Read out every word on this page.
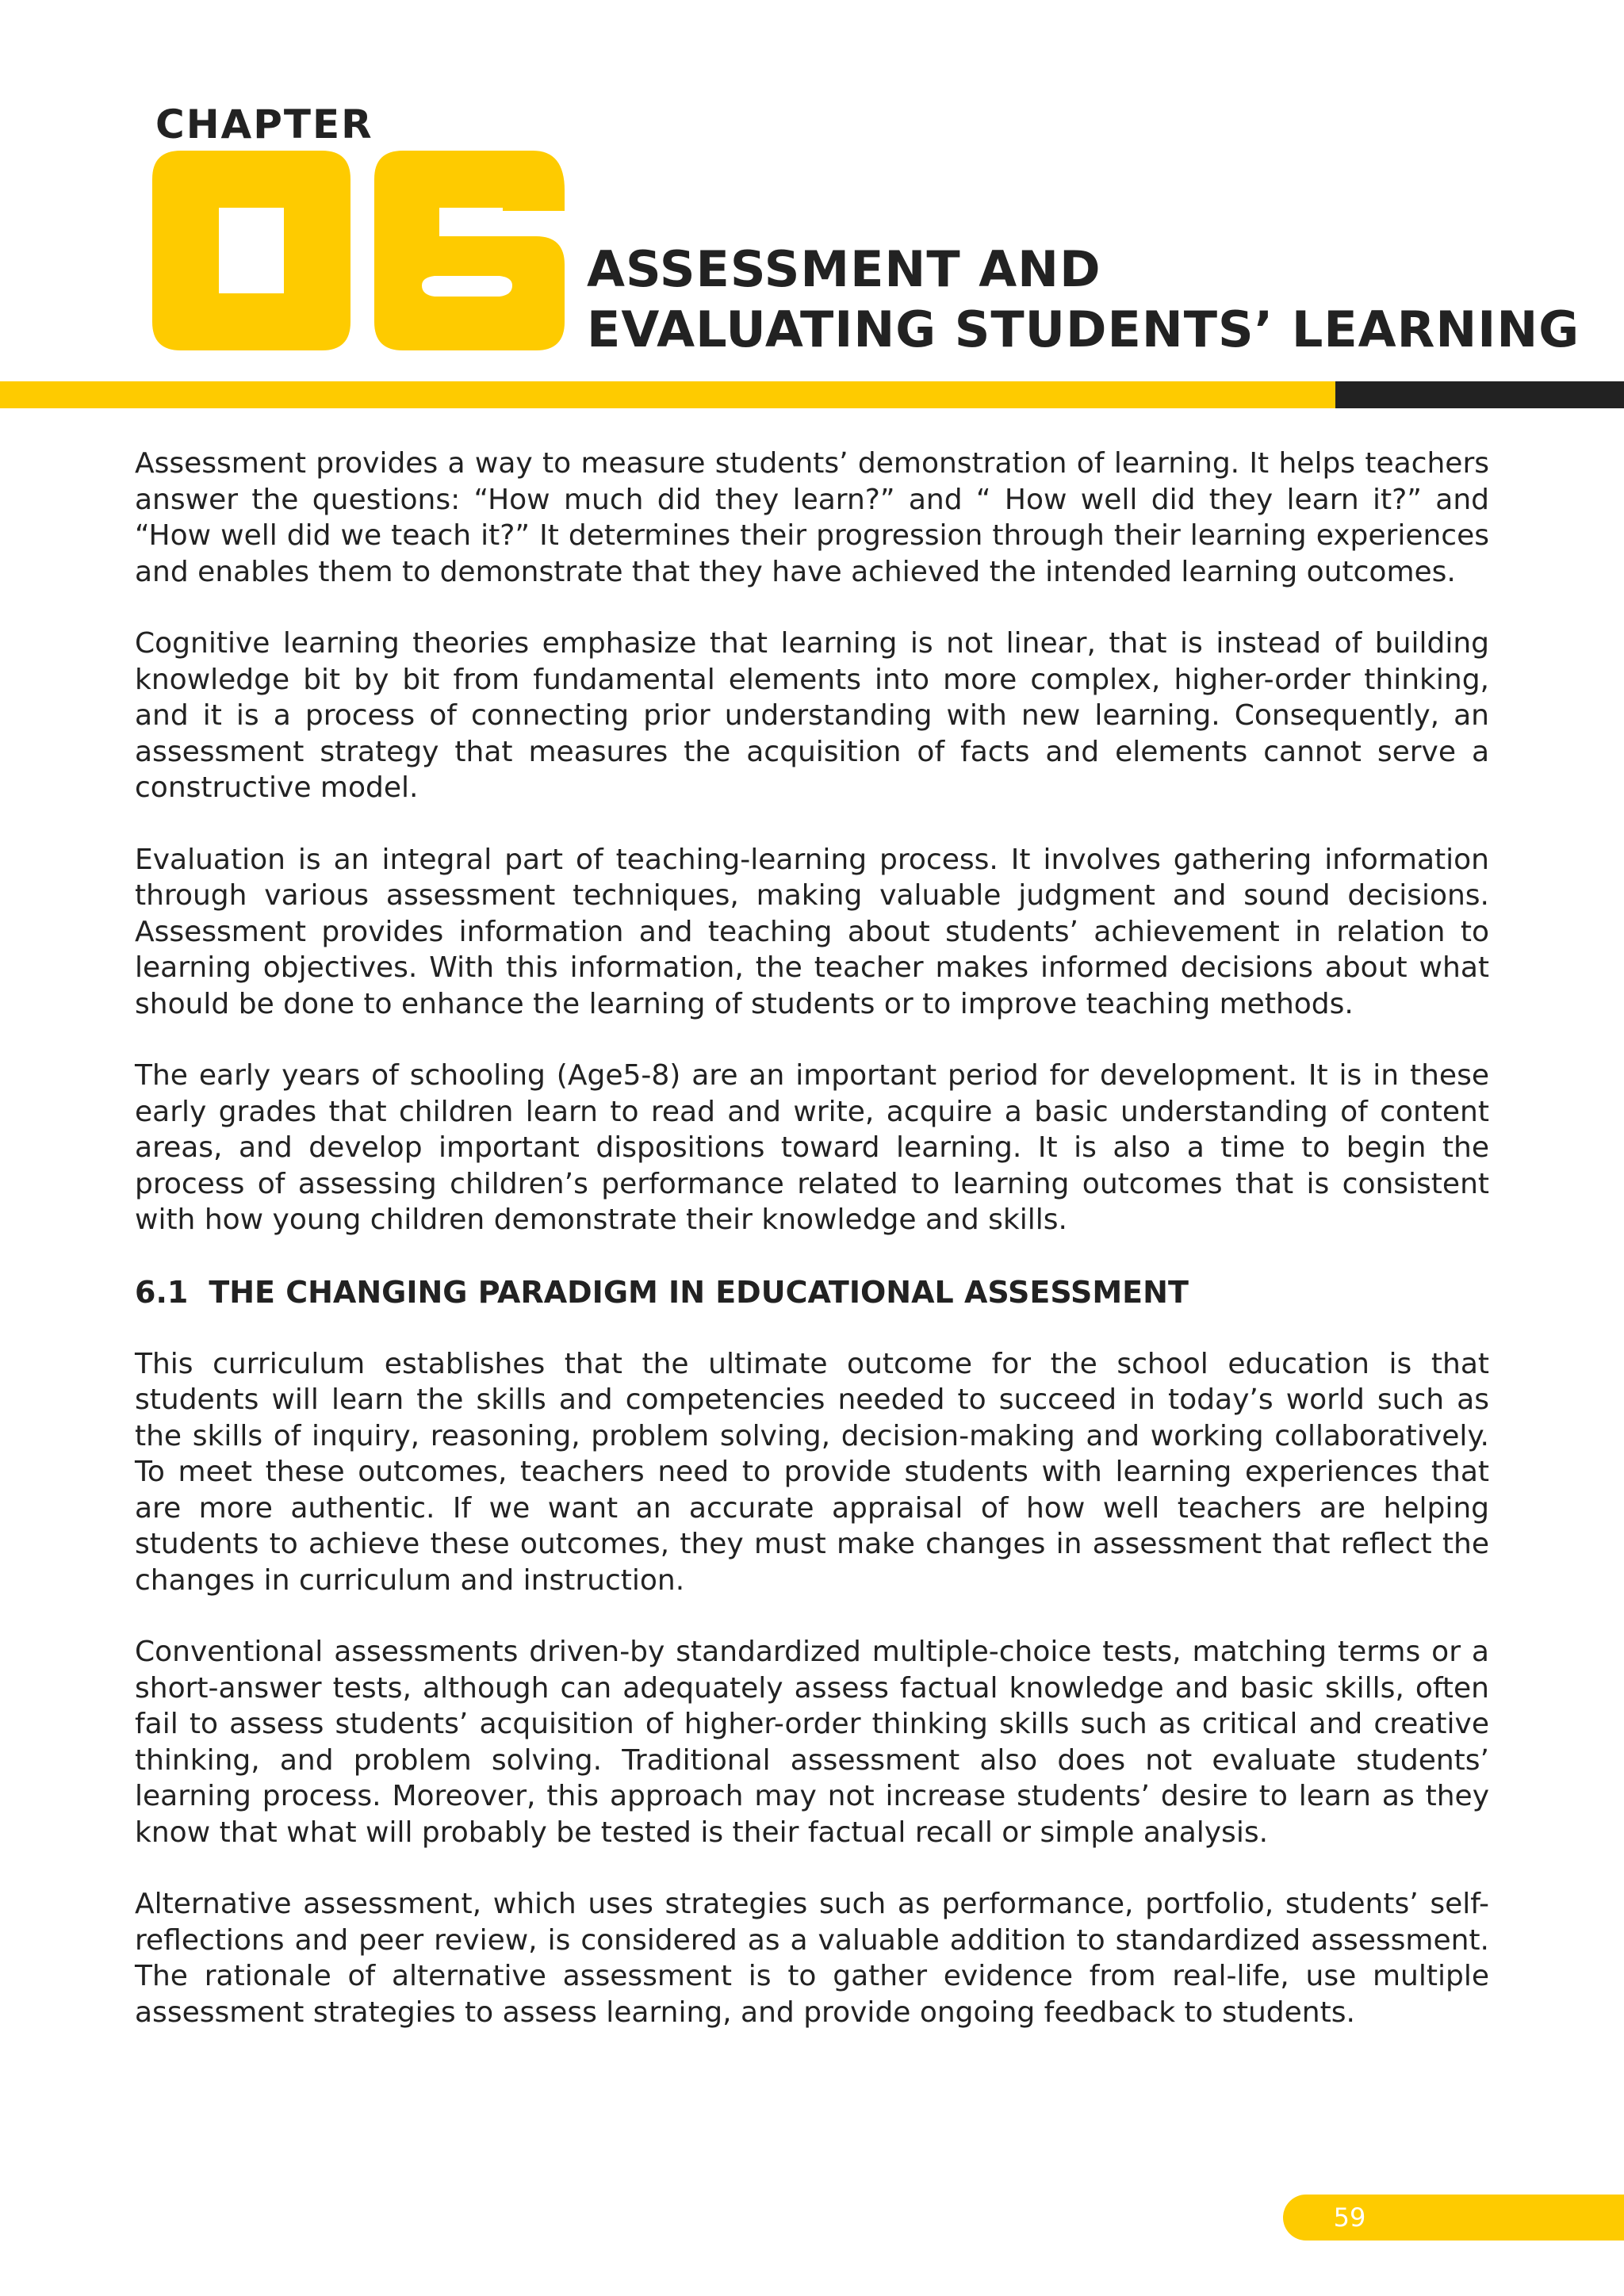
CHAPTER
ASSESSMENT AND
EVALUATING STUDENTS’ LEARNING

Assessment provides a way to measure students’ demonstration of learning. It helps teachers answer the questions: “How much did they learn?” and “ How well did they learn it?” and “How well did we teach it?” It determines their progression through their learning experiences and enables them to demonstrate that they have achieved the intended learning outcomes.

Cognitive learning theories emphasize that learning is not linear, that is instead of building knowledge bit by bit from fundamental elements into more complex, higher-order thinking, and it is a process of connecting prior understanding with new learning. Consequently, an assessment strategy that measures the acquisition of facts and elements cannot serve a constructive model.

Evaluation is an integral part of teaching-learning process. It involves gathering information through various assessment techniques, making valuable judgment and sound decisions. Assessment provides information and teaching about students’ achievement in relation to learning objectives. With this information, the teacher makes informed decisions about what should be done to enhance the learning of students or to improve teaching methods.

The early years of schooling (Age5-8) are an important period for development. It is in these early grades that children learn to read and write, acquire a basic understanding of content areas, and develop important dispositions toward learning. It is also a time to begin the process of assessing children’s performance related to learning outcomes that is consistent with how young children demonstrate their knowledge and skills.

6.1 THE CHANGING PARADIGM IN EDUCATIONAL ASSESSMENT

This curriculum establishes that the ultimate outcome for the school education is that students will learn the skills and competencies needed to succeed in today’s world such as the skills of inquiry, reasoning, problem solving, decision-making and working collaboratively. To meet these outcomes, teachers need to provide students with learning experiences that are more authentic. If we want an accurate appraisal of how well teachers are helping students to achieve these outcomes, they must make changes in assessment that reflect the changes in curriculum and instruction.

Conventional assessments driven-by standardized multiple-choice tests, matching terms or a short-answer tests, although can adequately assess factual knowledge and basic skills, often fail to assess students’ acquisition of higher-order thinking skills such as critical and creative thinking, and problem solving. Traditional assessment also does not evaluate students’ learning process. Moreover, this approach may not increase students’ desire to learn as they know that what will probably be tested is their factual recall or simple analysis.

Alternative assessment, which uses strategies such as performance, portfolio, students’ self-reflections and peer review, is considered as a valuable addition to standardized assessment. The rationale of alternative assessment is to gather evidence from real-life, use multiple assessment strategies to assess learning, and provide ongoing feedback to students.

59
